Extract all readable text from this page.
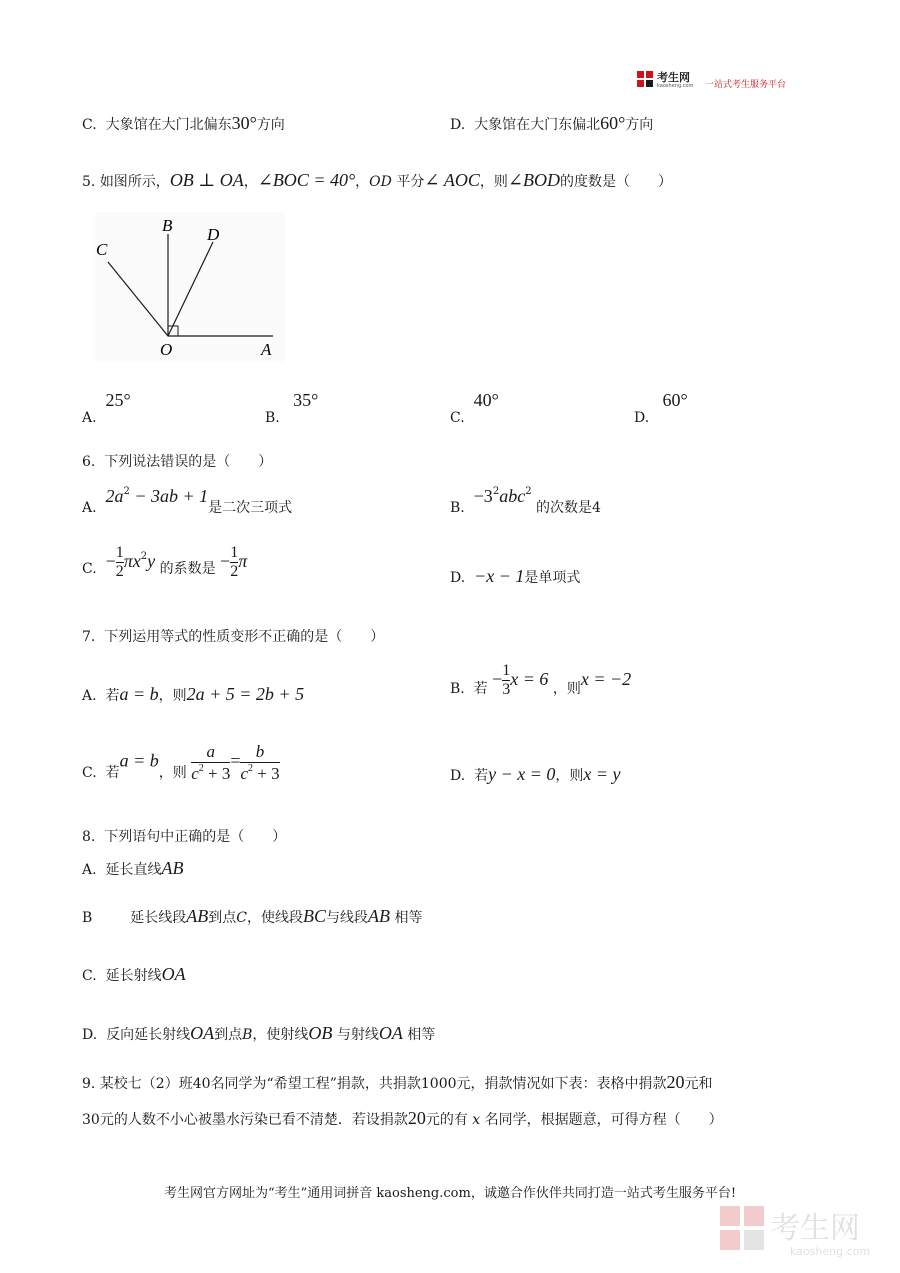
考生网
kaosheng.com 一站式考生服务平台
C. 大象馆在大门北偏东30°方向	D. 大象馆在大门东偏北60°方向
5. 如图所示，OB ⊥ OA，∠BOC = 40°，OD 平分∠ AOC，则∠BOD的度数是（　　）
B D
C
O	A
A.  25°
B.   35°
C.  40°
D.   60°
6. 下列说法错误的是（　　）
A.  $2a^2 - 3ab + 1$是二次三项式	B.  $-3^2abc^2$ 的次数是4
C. − $\frac{1}{2} \pi x^2y$ 的系数是 − $\frac{1}{2}$ π
D. −x − 1是单项式
7. 下列运用等式的性质变形不正确的是（　　）
A. 若a = b，则2a + 5 = 2b + 5	B. 若 − $\frac{1}{3}$ x = 6 ，则x = −2
C. 若a = b，则 $\frac{a}{c^2 + 3} = \frac{b}{c^2 + 3}$	D. 若y − x = 0，则x = y
8. 下列语句中正确的是（　　）
A. 延长直线AB
B	延长线段AB到点C，使线段BC与线段AB 相等
C. 延长射线OA
D. 反向延长射线OA到点B，使射线OB 与射线OA 相等
9. 某校七（2）班40名同学为“希望工程”捐款，共捐款1000元，捐款情况如下表：表格中捐款20元和
30元的人数不小心被墨水污染已看不清楚．若设捐款20元的有 x 名同学，根据题意，可得方程（　　）
考生网官方网址为“考生”通用词拼音 kaosheng.com，诚邀合作伙伴共同打造一站式考生服务平台!
考生网
kaosheng.com
